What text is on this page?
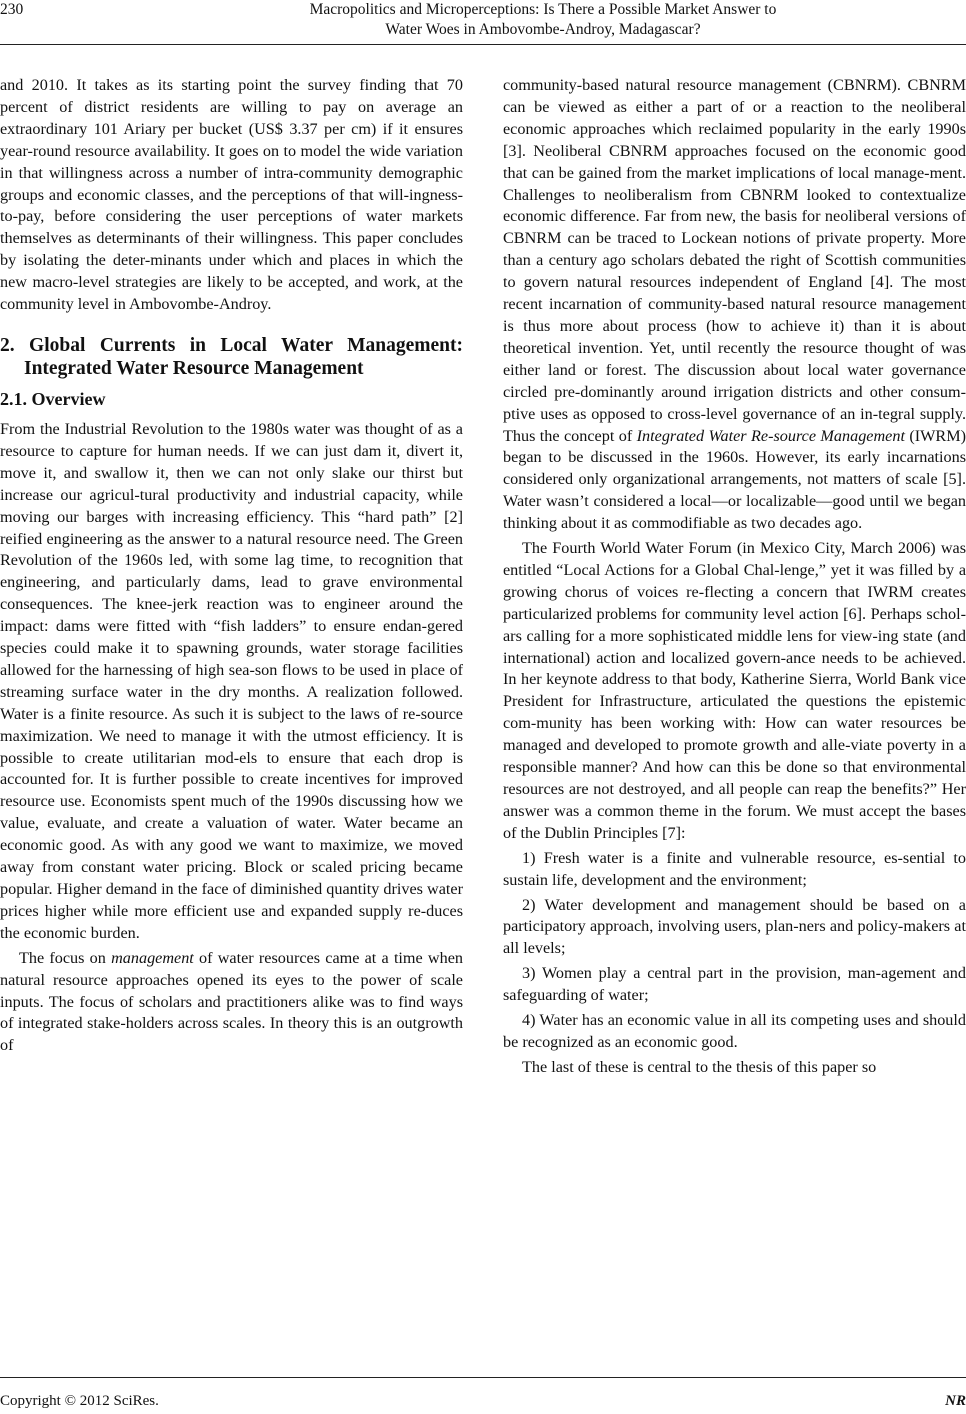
230	Macropolitics and Microperceptions: Is There a Possible Market Answer to
Water Woes in Ambovombe-Androy, Madagascar?

and 2010. It takes as its starting point the survey finding that 70 percent of district residents are willing to pay on average an extraordinary 101 Ariary per bucket (US$ 3.37 per cm) if it ensures year-round resource availability. It goes on to model the wide variation in that willingness across a number of intra-community demographic groups and economic classes, and the perceptions of that will-ingness-to-pay, before considering the user perceptions of water markets themselves as determinants of their willingness. This paper concludes by isolating the deter-minants under which and places in which the new macro-level strategies are likely to be accepted, and work, at the community level in Ambovombe-Androy.

2. Global Currents in Local Water Management: Integrated Water Resource Management
2.1. Overview

From the Industrial Revolution to the 1980s water was thought of as a resource to capture for human needs. If we can just dam it, divert it, move it, and swallow it, then we can not only slake our thirst but increase our agricul-tural productivity and industrial capacity, while moving our barges with increasing efficiency. This “hard path” [2] reified engineering as the answer to a natural resource need. The Green Revolution of the 1960s led, with some lag time, to recognition that engineering, and particularly dams, lead to grave environmental consequences. The knee-jerk reaction was to engineer around the impact: dams were fitted with “fish ladders” to ensure endan-gered species could make it to spawning grounds, water storage facilities allowed for the harnessing of high sea-son flows to be used in place of streaming surface water in the dry months. A realization followed. Water is a finite resource. As such it is subject to the laws of re-source maximization. We need to manage it with the utmost efficiency. It is possible to create utilitarian mod-els to ensure that each drop is accounted for. It is further possible to create incentives for improved resource use. Economists spent much of the 1990s discussing how we value, evaluate, and create a valuation of water. Water became an economic good. As with any good we want to maximize, we moved away from constant water pricing. Block or scaled pricing became popular. Higher demand in the face of diminished quantity drives water prices higher while more efficient use and expanded supply re-duces the economic burden.

The focus on management of water resources came at a time when natural resource approaches opened its eyes to the power of scale inputs. The focus of scholars and practitioners alike was to find ways of integrated stake-holders across scales. In theory this is an outgrowth of

community-based natural resource management (CBNRM). CBNRM can be viewed as either a part of or a reaction to the neoliberal economic approaches which reclaimed popularity in the early 1990s [3]. Neoliberal CBNRM approaches focused on the economic good that can be gained from the market implications of local manage-ment. Challenges to neoliberalism from CBNRM looked to contextualize economic difference. Far from new, the basis for neoliberal versions of CBNRM can be traced to Lockean notions of private property. More than a century ago scholars debated the right of Scottish communities to govern natural resources independent of England [4]. The most recent incarnation of community-based natural resource management is thus more about process (how to achieve it) than it is about theoretical invention. Yet, until recently the resource thought of was either land or forest. The discussion about local water governance circled pre-dominantly around irrigation districts and other consum-ptive uses as opposed to cross-level governance of an in-tegral supply. Thus the concept of Integrated Water Re-source Management (IWRM) began to be discussed in the 1960s. However, its early incarnations considered only organizational arrangements, not matters of scale [5]. Water wasn’t considered a local—or localizable—good until we began thinking about it as commodifiable as two decades ago.

The Fourth World Water Forum (in Mexico City, March 2006) was entitled “Local Actions for a Global Chal-lenge,” yet it was filled by a growing chorus of voices re-flecting a concern that IWRM creates particularized problems for community level action [6]. Perhaps schol-ars calling for a more sophisticated middle lens for view-ing state (and international) action and localized govern-ance needs to be achieved. In her keynote address to that body, Katherine Sierra, World Bank vice President for Infrastructure, articulated the questions the epistemic com-munity has been working with: How can water resources be managed and developed to promote growth and alle-viate poverty in a responsible manner? And how can this be done so that environmental resources are not destroyed, and all people can reap the benefits?” Her answer was a common theme in the forum. We must accept the bases of the Dublin Principles [7]:

1) Fresh water is a finite and vulnerable resource, es-sential to sustain life, development and the environment;

2) Water development and management should be based on a participatory approach, involving users, plan-ners and policy-makers at all levels;

3) Women play a central part in the provision, man-agement and safeguarding of water;

4) Water has an economic value in all its competing uses and should be recognized as an economic good.

The last of these is central to the thesis of this paper so

Copyright © 2012 SciRes.	NR
